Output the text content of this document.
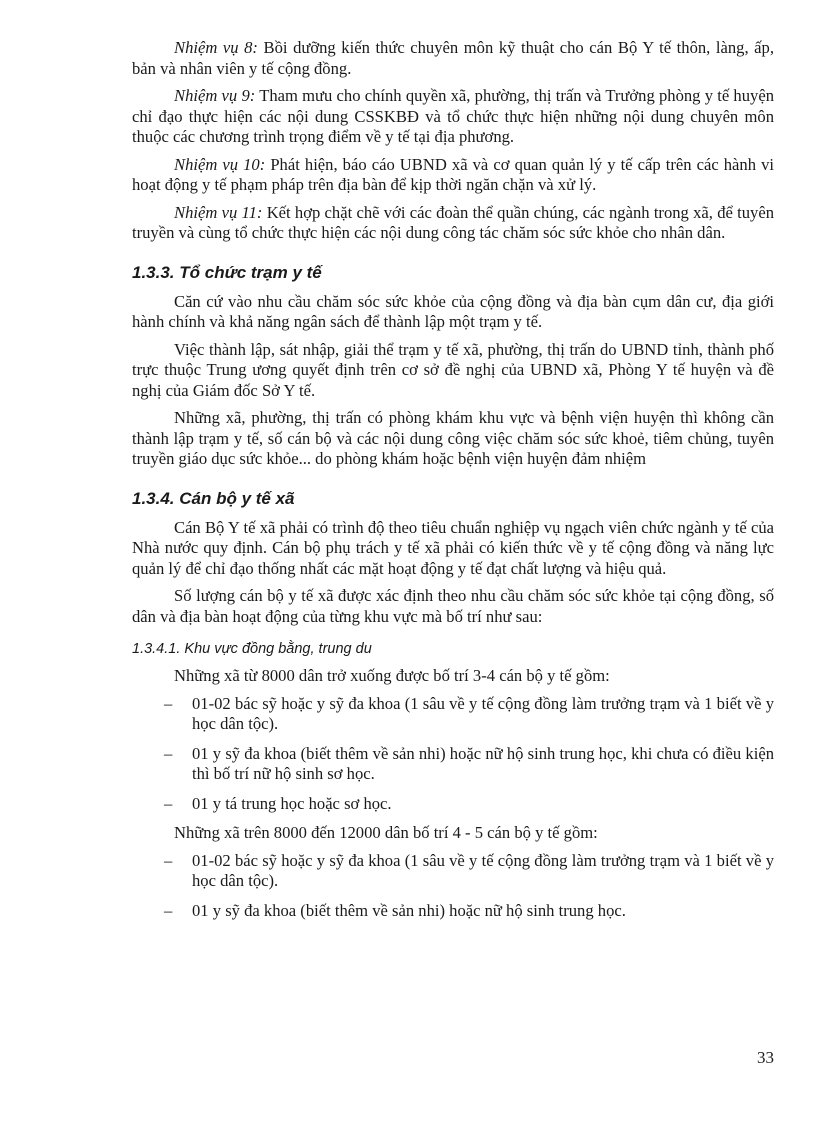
Nhiệm vụ 8: Bồi dưỡng kiến thức chuyên môn kỹ thuật cho cán Bộ Y tế thôn, làng, ấp, bản và nhân viên y tế cộng đồng.

Nhiệm vụ 9: Tham mưu cho chính quyền xã, phường, thị trấn và Trưởng phòng y tế huyện chỉ đạo thực hiện các nội dung CSSKBĐ và tổ chức thực hiện những nội dung chuyên môn thuộc các chương trình trọng điểm về y tế tại địa phương.

Nhiệm vụ 10: Phát hiện, báo cáo UBND xã và cơ quan quản lý y tế cấp trên các hành vi hoạt động y tế phạm pháp trên địa bàn để kịp thời ngăn chặn và xử lý.

Nhiệm vụ 11: Kết hợp chặt chẽ với các đoàn thể quần chúng, các ngành trong xã, để tuyên truyền và cùng tổ chức thực hiện các nội dung công tác chăm sóc sức khỏe cho nhân dân.

1.3.3. Tổ chức trạm y tế

Căn cứ vào nhu cầu chăm sóc sức khỏe của cộng đồng và địa bàn cụm dân cư, địa giới hành chính và khả năng ngân sách để thành lập một trạm y tế.

Việc thành lập, sát nhập, giải thể trạm y tế xã, phường, thị trấn do UBND tỉnh, thành phố trực thuộc Trung ương quyết định trên cơ sở đề nghị của UBND xã, Phòng Y tế huyện và đề nghị của Giám đốc Sở Y tế.

Những xã, phường, thị trấn có phòng khám khu vực và bệnh viện huyện thì không cần thành lập trạm y tế, số cán bộ và các nội dung công việc chăm sóc sức khoẻ, tiêm chủng, tuyên truyền giáo dục sức khỏe... do phòng khám hoặc bệnh viện huyện đảm nhiệm

1.3.4. Cán bộ y tế xã

Cán Bộ Y tế xã phải có trình độ theo tiêu chuẩn nghiệp vụ ngạch viên chức ngành y tế của Nhà nước quy định. Cán bộ phụ trách y tế xã phải có kiến thức về y tế cộng đồng và năng lực quản lý để chỉ đạo thống nhất các mặt hoạt động y tế đạt chất lượng và hiệu quả.

Số lượng cán bộ y tế xã được xác định theo nhu cầu chăm sóc sức khỏe tại cộng đồng, số dân và địa bàn hoạt động của từng khu vực mà bố trí như sau:

1.3.4.1. Khu vực đồng bằng, trung du

Những xã từ 8000 dân trở xuống được bố trí 3-4 cán bộ y tế gồm:

– 01-02 bác sỹ hoặc y sỹ đa khoa (1 sâu về y tế cộng đồng làm trưởng trạm và 1 biết về y học dân tộc).
– 01 y sỹ đa khoa (biết thêm về sản nhi) hoặc nữ hộ sinh trung học, khi chưa có điều kiện thì bố trí nữ hộ sinh sơ học.
– 01 y tá trung học hoặc sơ học.

Những xã trên 8000 đến 12000 dân bố trí 4 - 5 cán bộ y tế gồm:

– 01-02 bác sỹ hoặc y sỹ đa khoa (1 sâu về y tế cộng đồng làm trưởng trạm và 1 biết về y học dân tộc).
– 01 y sỹ đa khoa (biết thêm về sản nhi) hoặc nữ hộ sinh trung học.
33
